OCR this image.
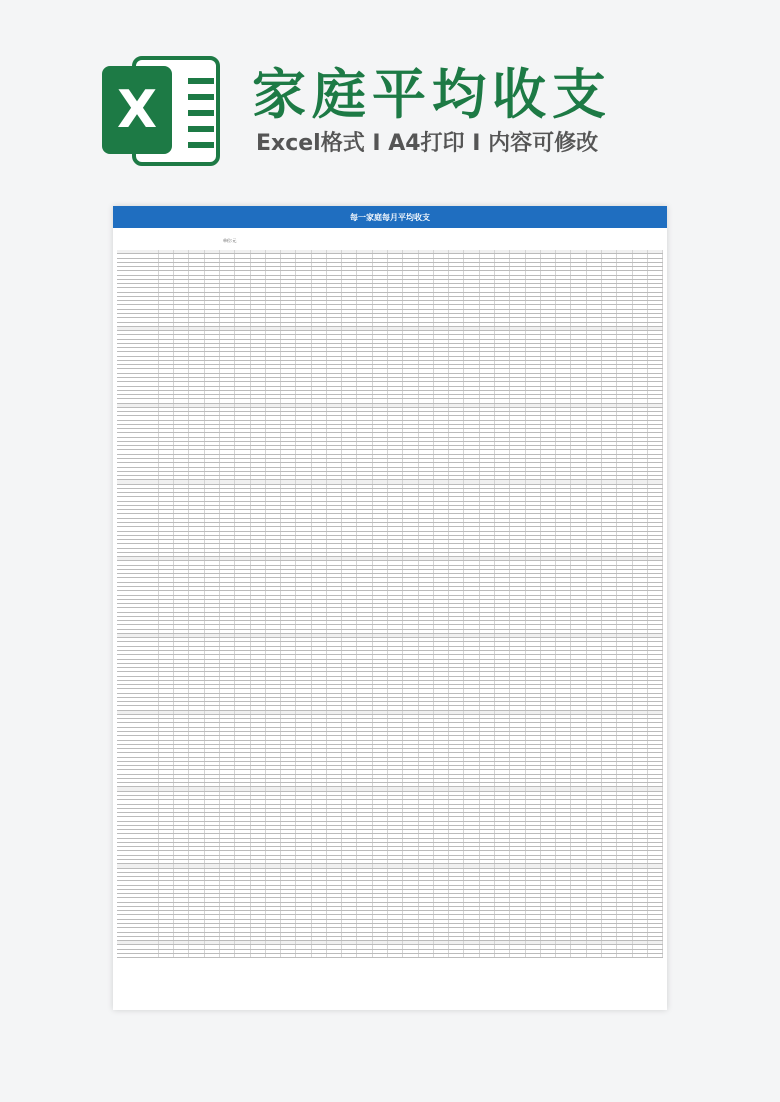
X 家庭平均收支
Excel格式 I A4打印 I 内容可修改
每一家庭每月平均收支
单位:元
